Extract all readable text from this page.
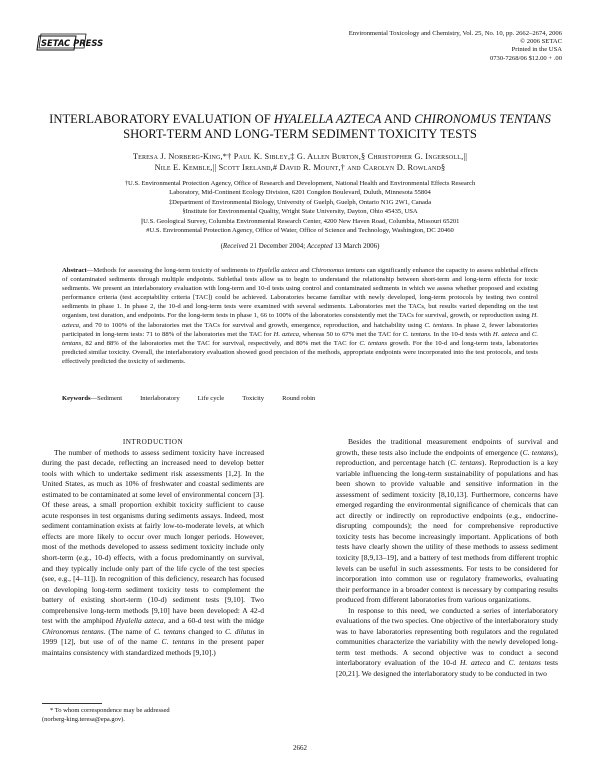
SETAC PRESS
Environmental Toxicology and Chemistry, Vol. 25, No. 10, pp. 2662–2674, 2006
© 2006 SETAC
Printed in the USA
0730-7268/06 $12.00 + .00
INTERLABORATORY EVALUATION OF HYALELLA AZTECA AND CHIRONOMUS TENTANS SHORT-TERM AND LONG-TERM SEDIMENT TOXICITY TESTS
Teresa J. Norberg-King,*† Paul K. Sibley,‡ G. Allen Burton,§ Christopher G. Ingersoll,||
Nile E. Kemble,|| Scott Ireland,# David R. Mount,† and Carolyn D. Rowland§
†U.S. Environmental Protection Agency, Office of Research and Development, National Health and Environmental Effects Research
Laboratory, Mid-Continent Ecology Division, 6201 Congdon Boulevard, Duluth, Minnesota 55804
‡Department of Environmental Biology, University of Guelph, Guelph, Ontario N1G 2W1, Canada
§Institute for Environmental Quality, Wright State University, Dayton, Ohio 45435, USA
||U.S. Geological Survey, Columbia Environmental Research Center, 4200 New Haven Road, Columbia, Missouri 65201
#U.S. Environmental Protection Agency, Office of Water, Office of Science and Technology, Washington, DC 20460
(Received 21 December 2004; Accepted 13 March 2006)
Abstract—Methods for assessing the long-term toxicity of sediments to Hyalella azteca and Chironomus tentans can significantly enhance the capacity to assess sublethal effects of contaminated sediments through multiple endpoints. Sublethal tests allow us to begin to understand the relationship between short-term and long-term effects for toxic sediments. We present an interlaboratory evaluation with long-term and 10-d tests using control and contaminated sediments in which we assess whether proposed and existing performance criteria (test acceptability criteria [TAC]) could be achieved. Laboratories became familiar with newly developed, long-term protocols by testing two control sediments in phase 1. In phase 2, the 10-d and long-term tests were examined with several sediments. Laboratories met the TACs, but results varied depending on the test organism, test duration, and endpoints. For the long-term tests in phase 1, 66 to 100% of the laboratories consistently met the TACs for survival, growth, or reproduction using H. azteca, and 70 to 100% of the laboratories met the TACs for survival and growth, emergence, reproduction, and hatchability using C. tentans. In phase 2, fewer laboratories participated in long-term tests: 71 to 88% of the laboratories met the TAC for H. azteca, whereas 50 to 67% met the TAC for C. tentans. In the 10-d tests with H. azteca and C. tentans, 82 and 88% of the laboratories met the TAC for survival, respectively, and 80% met the TAC for C. tentans growth. For the 10-d and long-term tests, laboratories predicted similar toxicity. Overall, the interlaboratory evaluation showed good precision of the methods, appropriate endpoints were incorporated into the test protocols, and tests effectively predicted the toxicity of sediments.
Keywords—Sediment	Interlaboratory	Life cycle	Toxicity	Round robin

INTRODUCTION

The number of methods to assess sediment toxicity have increased during the past decade, reflecting an increased need to develop better tools with which to undertake sediment risk assessments [1,2]. In the United States, as much as 10% of freshwater and coastal sediments are estimated to be contaminated at some level of environmental concern [3]. Of these areas, a small proportion exhibit toxicity sufficient to cause acute responses in test organisms during sediments assays. Indeed, most sediment contamination exists at fairly low-to-moderate levels, at which effects are more likely to occur over much longer periods. However, most of the methods developed to assess sediment toxicity include only short-term (e.g., 10-d) effects, with a focus predominantly on survival, and they typically include only part of the life cycle of the test species (see, e.g., [4–11]). In recognition of this deficiency, research has focused on developing long-term sediment toxicity tests to complement the battery of existing short-term (10-d) sediment tests [9,10]. Two comprehensive long-term methods [9,10] have been developed: A 42-d test with the amphipod Hyalella azteca, and a 60-d test with the midge Chironomus tentans. (The name of C. tentans changed to C. dilutus in 1999 [12], but use of of the name C. tentans in the present paper maintains consistency with standardized methods [9,10].)

Besides the traditional measurement endpoints of survival and growth, these tests also include the endpoints of emergence (C. tentans), reproduction, and percentage hatch (C. tentans). Reproduction is a key variable influencing the long-term sustainability of populations and has been shown to provide valuable and sensitive information in the assessment of sediment toxicity [8,10,13]. Furthermore, concerns have emerged regarding the environmental significance of chemicals that can act directly or indirectly on reproductive endpoints (e.g., endocrine-disrupting compounds); the need for comprehensive reproductive toxicity tests has become increasingly important. Applications of both tests have clearly shown the utility of these methods to assess sediment toxicity [8,9,13–19], and a battery of test methods from different trophic levels can be useful in such assessments. For tests to be considered for incorporation into common use or regulatory frameworks, evaluating their performance in a broader context is necessary by comparing results produced from different laboratories from various organizations.

In response to this need, we conducted a series of interlaboratory evaluations of the two species. One objective of the interlaboratory study was to have laboratories representing both regulators and the regulated communities characterize the variability with the newly developed long-term test methods. A second objective was to conduct a second interlaboratory evaluation of the 10-d H. azteca and C. tentans tests [20,21]. We designed the interlaboratory study to be conducted in two

* To whom correspondence may be addressed
(norberg-king.teresa@epa.gov).
2662
